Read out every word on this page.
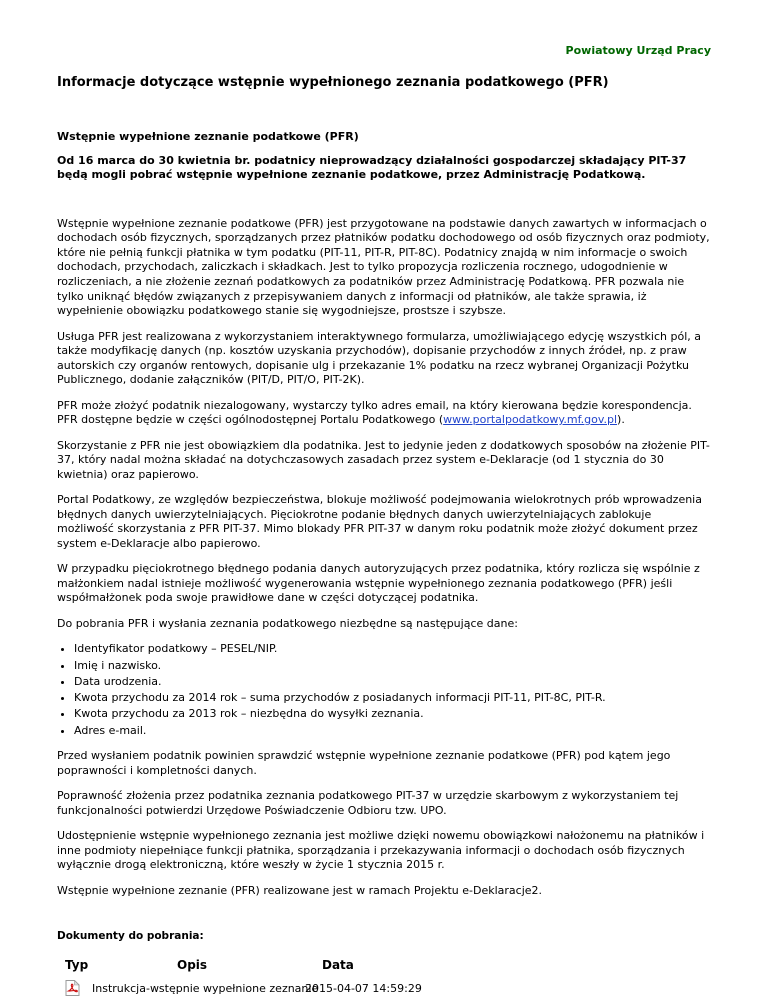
Powiatowy Urząd Pracy
Informacje dotyczące wstępnie wypełnionego zeznania podatkowego (PFR)
Wstępnie wypełnione zeznanie podatkowe (PFR)

Od 16 marca do 30 kwietnia br. podatnicy nieprowadzący działalności gospodarczej składający PIT-37 będą mogli pobrać wstępnie wypełnione zeznanie podatkowe, przez Administrację Podatkową.

Wstępnie wypełnione zeznanie podatkowe (PFR) jest przygotowane na podstawie danych zawartych w informacjach o dochodach osób fizycznych, sporządzanych przez płatników podatku dochodowego od osób fizycznych oraz podmioty, które nie pełnią funkcji płatnika w tym podatku (PIT-11, PIT-R, PIT-8C). Podatnicy znajdą w nim informacje o swoich dochodach, przychodach, zaliczkach i składkach. Jest to tylko propozycja rozliczenia rocznego, udogodnienie w rozliczeniach, a nie złożenie zeznań podatkowych za podatników przez Administrację Podatkową. PFR pozwala nie tylko uniknąć błędów związanych z przepisywaniem danych z informacji od płatników, ale także sprawia, iż wypełnienie obowiązku podatkowego stanie się wygodniejsze, prostsze i szybsze.

Usługa PFR jest realizowana z wykorzystaniem interaktywnego formularza, umożliwiającego edycję wszystkich pól, a także modyfikację danych (np. kosztów uzyskania przychodów), dopisanie przychodów z innych źródeł, np. z praw autorskich czy organów rentowych, dopisanie ulg i przekazanie 1% podatku na rzecz wybranej Organizacji Pożytku Publicznego, dodanie załączników (PIT/D, PIT/O, PIT-2K).

PFR może złożyć podatnik niezalogowany, wystarczy tylko adres email, na który kierowana będzie korespondencja. PFR dostępne będzie w części ogólnodostępnej Portalu Podatkowego (www.portalpodatkowy.mf.gov.pl).

Skorzystanie z PFR nie jest obowiązkiem dla podatnika. Jest to jedynie jeden z dodatkowych sposobów na złożenie PIT-37, który nadal można składać na dotychczasowych zasadach przez system e-Deklaracje (od 1 stycznia do 30 kwietnia) oraz papierowo.

Portal Podatkowy, ze względów bezpieczeństwa, blokuje możliwość podejmowania wielokrotnych prób wprowadzenia błędnych danych uwierzytelniających. Pięciokrotne podanie błędnych danych uwierzytelniających zablokuje możliwość skorzystania z PFR PIT-37. Mimo blokady PFR PIT-37 w danym roku podatnik może złożyć dokument przez system e-Deklaracje albo papierowo.

W przypadku pięciokrotnego błędnego podania danych autoryzujących przez podatnika, który rozlicza się wspólnie z małżonkiem nadal istnieje możliwość wygenerowania wstępnie wypełnionego zeznania podatkowego (PFR) jeśli współmałżonek poda swoje prawidłowe dane w części dotyczącej podatnika.

Do pobrania PFR i wysłania zeznania podatkowego niezbędne są następujące dane:

• Identyfikator podatkowy – PESEL/NIP.
• Imię i nazwisko.
• Data urodzenia.
• Kwota przychodu za 2014 rok – suma przychodów z posiadanych informacji PIT-11, PIT-8C, PIT-R.
• Kwota przychodu za 2013 rok – niezbędna do wysyłki zeznania.
• Adres e-mail.

Przed wysłaniem podatnik powinien sprawdzić wstępnie wypełnione zeznanie podatkowe (PFR) pod kątem jego poprawności i kompletności danych.

Poprawność złożenia przez podatnika zeznania podatkowego PIT-37 w urzędzie skarbowym z wykorzystaniem tej funkcjonalności potwierdzi Urzędowe Poświadczenie Odbioru tzw. UPO.

Udostępnienie wstępnie wypełnionego zeznania jest możliwe dzięki nowemu obowiązkowi nałożonemu na płatników i inne podmioty niepełniące funkcji płatnika, sporządzania i przekazywania informacji o dochodach osób fizycznych wyłącznie drogą elektroniczną, które weszły w życie 1 stycznia 2015 r.

Wstępnie wypełnione zeznanie (PFR) realizowane jest w ramach Projektu e-Deklaracje2.

Dokumenty do pobrania:
Typ	Opis	Data
Instrukcja-wstępnie wypełnione zeznanie
2015-04-07 14:59:29
